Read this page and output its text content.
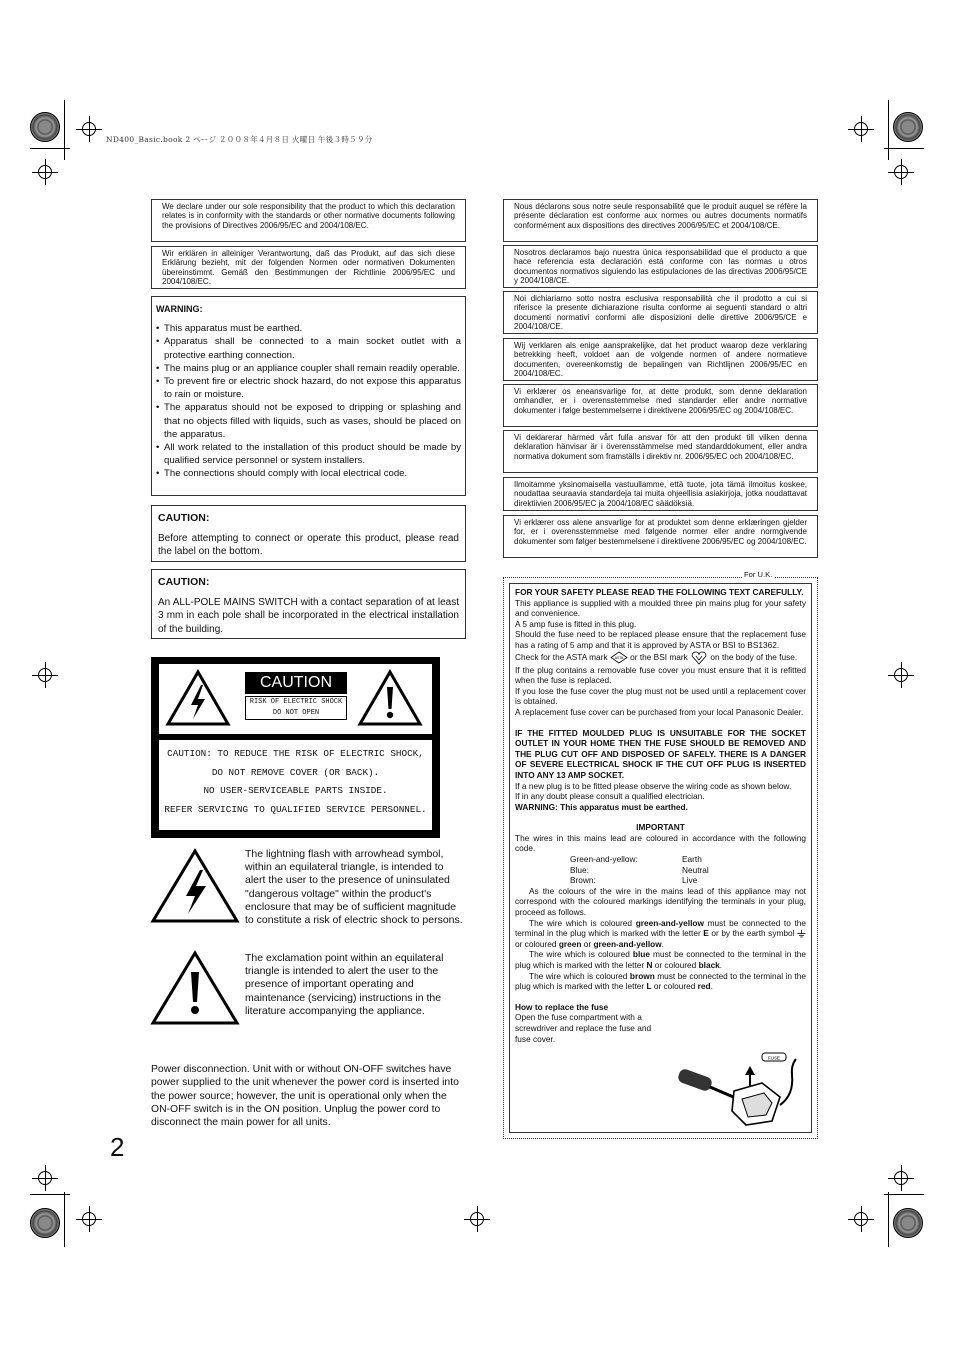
ND400_Basic.book 2 ページ ２００８年４月８日 火曜日 午後３時５９分
We declare under our sole responsibility that the product to which this declaration relates is in conformity with the standards or other normative documents following the provisions of Directives 2006/95/EC and 2004/108/EC.
Wir erklären in alleiniger Verantwortung, daß das Produkt, auf das sich diese Erklärung bezieht, mit der folgenden Normen oder normativen Dokumenten übereinstimmt. Gemäß den Bestimmungen der Richtlinie 2006/95/EC und 2004/108/EC.
WARNING:
• This apparatus must be earthed.
• Apparatus shall be connected to a main socket outlet with a protective earthing connection.
• The mains plug or an appliance coupler shall remain readily operable.
• To prevent fire or electric shock hazard, do not expose this apparatus to rain or moisture.
• The apparatus should not be exposed to dripping or splashing and that no objects filled with liquids, such as vases, should be placed on the apparatus.
• All work related to the installation of this product should be made by qualified service personnel or system installers.
• The connections should comply with local electrical code.
CAUTION:
Before attempting to connect or operate this product, please read the label on the bottom.
CAUTION:
An ALL-POLE MAINS SWITCH with a contact separation of at least 3 mm in each pole shall be incorporated in the electrical installation of the building.
CAUTION
RISK OF ELECTRIC SHOCK
DO NOT OPEN
CAUTION: TO REDUCE THE RISK OF ELECTRIC SHOCK,
DO NOT REMOVE COVER (OR BACK).
NO USER-SERVICEABLE PARTS INSIDE.
REFER SERVICING TO QUALIFIED SERVICE PERSONNEL.
The lightning flash with arrowhead symbol, within an equilateral triangle, is intended to alert the user to the presence of uninsulated "dangerous voltage" within the product's enclosure that may be of sufficient magnitude to constitute a risk of electric shock to persons.
The exclamation point within an equilateral triangle is intended to alert the user to the presence of important operating and maintenance (servicing) instructions in the literature accompanying the appliance.
Power disconnection. Unit with or without ON-OFF switches have power supplied to the unit whenever the power cord is inserted into the power source; however, the unit is operational only when the ON-OFF switch is in the ON position. Unplug the power cord to disconnect the main power for all units.
2
Nous déclarons sous notre seule responsabilité que le produit auquel se réfère la présente déclaration est conforme aux normes ou autres documents normatifs conformément aux dispositions des directives 2006/95/EC et 2004/108/CE.
Nosotros declaramos bajo nuestra única responsabilidad que el producto a que hace referencia esta declaración está conforme con las normas u otros documentos normativos siguiendo las estipulaciones de las directivas 2006/95/CE y 2004/108/CE.
Noi dichiariamo sotto nostra esclusiva responsabilità che il prodotto a cui si riferisce la presente dichiarazione risulta conforme ai seguenti standard o altri documenti normativi conformi alle disposizioni delle direttive 2006/95/CE e 2004/108/CE.
Wij verklaren als enige aansprakelijke, dat het product waarop deze verklaring betrekking heeft, voldoet aan de volgende normen of andere normatieve documenten, overeenkomstig de bepalingen van Richtlijnen 2006/95/EC en 2004/108/EC.
Vi erklærer os eneansvarlige for, at dette produkt, som denne deklaration omhandler, er i overensstemmelse med standarder eller andre normative dokumenter i følge bestemmelserne i direktivene 2006/95/EC og 2004/108/EC.
Vi deklarerar härmed vårt fulla ansvar för att den produkt till vilken denna deklaration hänvisar är i överensstämmelse med standarddokument, eller andra normativa dokument som framställs i direktiv nr. 2006/95/EC och 2004/108/EC.
Ilmoitamme yksinomaisella vastuullamme, että tuote, jota tämä ilmoitus koskee, noudattaa seuraavia standardeja tai muita ohjeellisia asiakirjoja, jotka noudattavat direktiivien 2006/95/EC ja 2004/108/EC säädöksiä.
Vi erklærer oss alene ansvarlige for at produktet som denne erklæringen gjelder for, er i overensstemmelse med følgende normer eller andre normgivende dokumenter som følger bestemmelsene i direktivene 2006/95/EC og 2004/108/EC.
For U.K.

FOR YOUR SAFETY PLEASE READ THE FOLLOWING TEXT CAREFULLY.

This appliance is supplied with a moulded three pin mains plug for your safety and convenience.

A 5 amp fuse is fitted in this plug.

Should the fuse need to be replaced please ensure that the replacement fuse has a rating of 5 amp and that it is approved by ASTA or BSI to BS1362.

Check for the ASTA mark ASTA or the BSI mark	on the body of the fuse.

If the plug contains a removable fuse cover you must ensure that it is refitted when the fuse is replaced.

If you lose the fuse cover the plug must not be used until a replacement cover is obtained.

A replacement fuse cover can be purchased from your local Panasonic Dealer.

IF THE FITTED MOULDED PLUG IS UNSUITABLE FOR THE SOCKET OUTLET IN YOUR HOME THEN THE FUSE SHOULD BE REMOVED AND THE PLUG CUT OFF AND DISPOSED OF SAFELY. THERE IS A DANGER OF SEVERE ELECTRICAL SHOCK IF THE CUT OFF PLUG IS INSERTED INTO ANY 13 AMP SOCKET.

If a new plug is to be fitted please observe the wiring code as shown below.

If in any doubt please consult a qualified electrician.

WARNING: This apparatus must be earthed.

IMPORTANT

The wires in this mains lead are coloured in accordance with the following code.

Green-and-yellow:	Earth
Blue:	Neutral
Brown:	Live

As the colours of the wire in the mains lead of this appliance may not correspond with the coloured markings identifying the terminals in your plug, proceed as follows.

The wire which is coloured green-and-yellow must be connected to the terminal in the plug which is marked with the letter E or by the earth symbol  or coloured green or green-and-yellow.

The wire which is coloured blue must be connected to the terminal in the plug which is marked with the letter N or coloured black.

The wire which is coloured brown must be connected to the terminal in the plug which is marked with the letter L or coloured red.

How to replace the fuse

Open the fuse compartment with a screwdriver and replace the fuse and fuse cover.

FUSE
